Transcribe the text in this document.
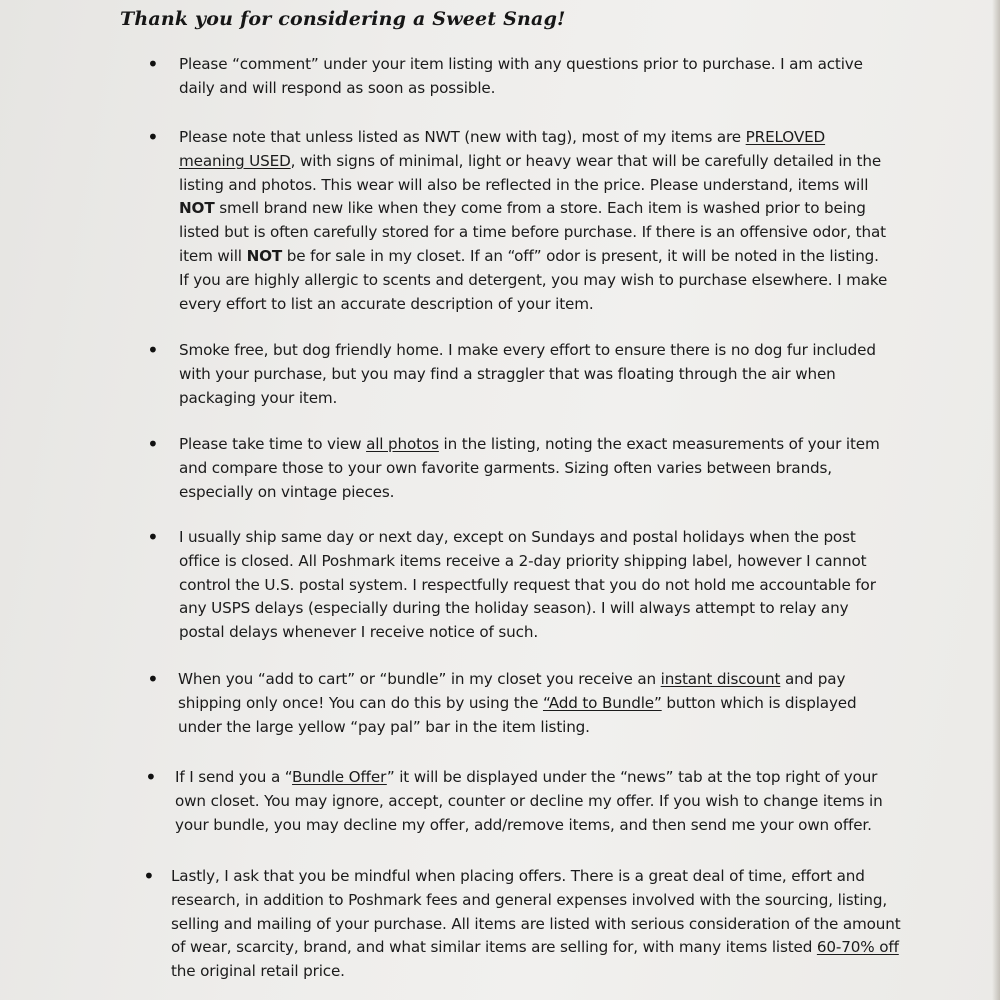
Thank you for considering a Sweet Snag!
• Please “comment” under your item listing with any questions prior to purchase. I am active daily and will respond as soon as possible.
• Please note that unless listed as NWT (new with tag), most of my items are PRELOVED meaning USED, with signs of minimal, light or heavy wear that will be carefully detailed in the listing and photos. This wear will also be reflected in the price. Please understand, items will NOT smell brand new like when they come from a store. Each item is washed prior to being listed but is often carefully stored for a time before purchase. If there is an offensive odor, that item will NOT be for sale in my closet. If an “off” odor is present, it will be noted in the listing. If you are highly allergic to scents and detergent, you may wish to purchase elsewhere. I make every effort to list an accurate description of your item.
• Smoke free, but dog friendly home. I make every effort to ensure there is no dog fur included with your purchase, but you may find a straggler that was floating through the air when packaging your item.
• Please take time to view all photos in the listing, noting the exact measurements of your item and compare those to your own favorite garments. Sizing often varies between brands, especially on vintage pieces.
• I usually ship same day or next day, except on Sundays and postal holidays when the post office is closed. All Poshmark items receive a 2-day priority shipping label, however I cannot control the U.S. postal system. I respectfully request that you do not hold me accountable for any USPS delays (especially during the holiday season). I will always attempt to relay any postal delays whenever I receive notice of such.
• When you “add to cart” or “bundle” in my closet you receive an instant discount and pay shipping only once! You can do this by using the “Add to Bundle” button which is displayed under the large yellow “pay pal” bar in the item listing.
• If I send you a “Bundle Offer” it will be displayed under the “news” tab at the top right of your own closet. You may ignore, accept, counter or decline my offer. If you wish to change items in your bundle, you may decline my offer, add/remove items, and then send me your own offer.
• Lastly, I ask that you be mindful when placing offers. There is a great deal of time, effort and research, in addition to Poshmark fees and general expenses involved with the sourcing, listing, selling and mailing of your purchase. All items are listed with serious consideration of the amount of wear, scarcity, brand, and what similar items are selling for, with many items listed 60-70% off the original retail price.
